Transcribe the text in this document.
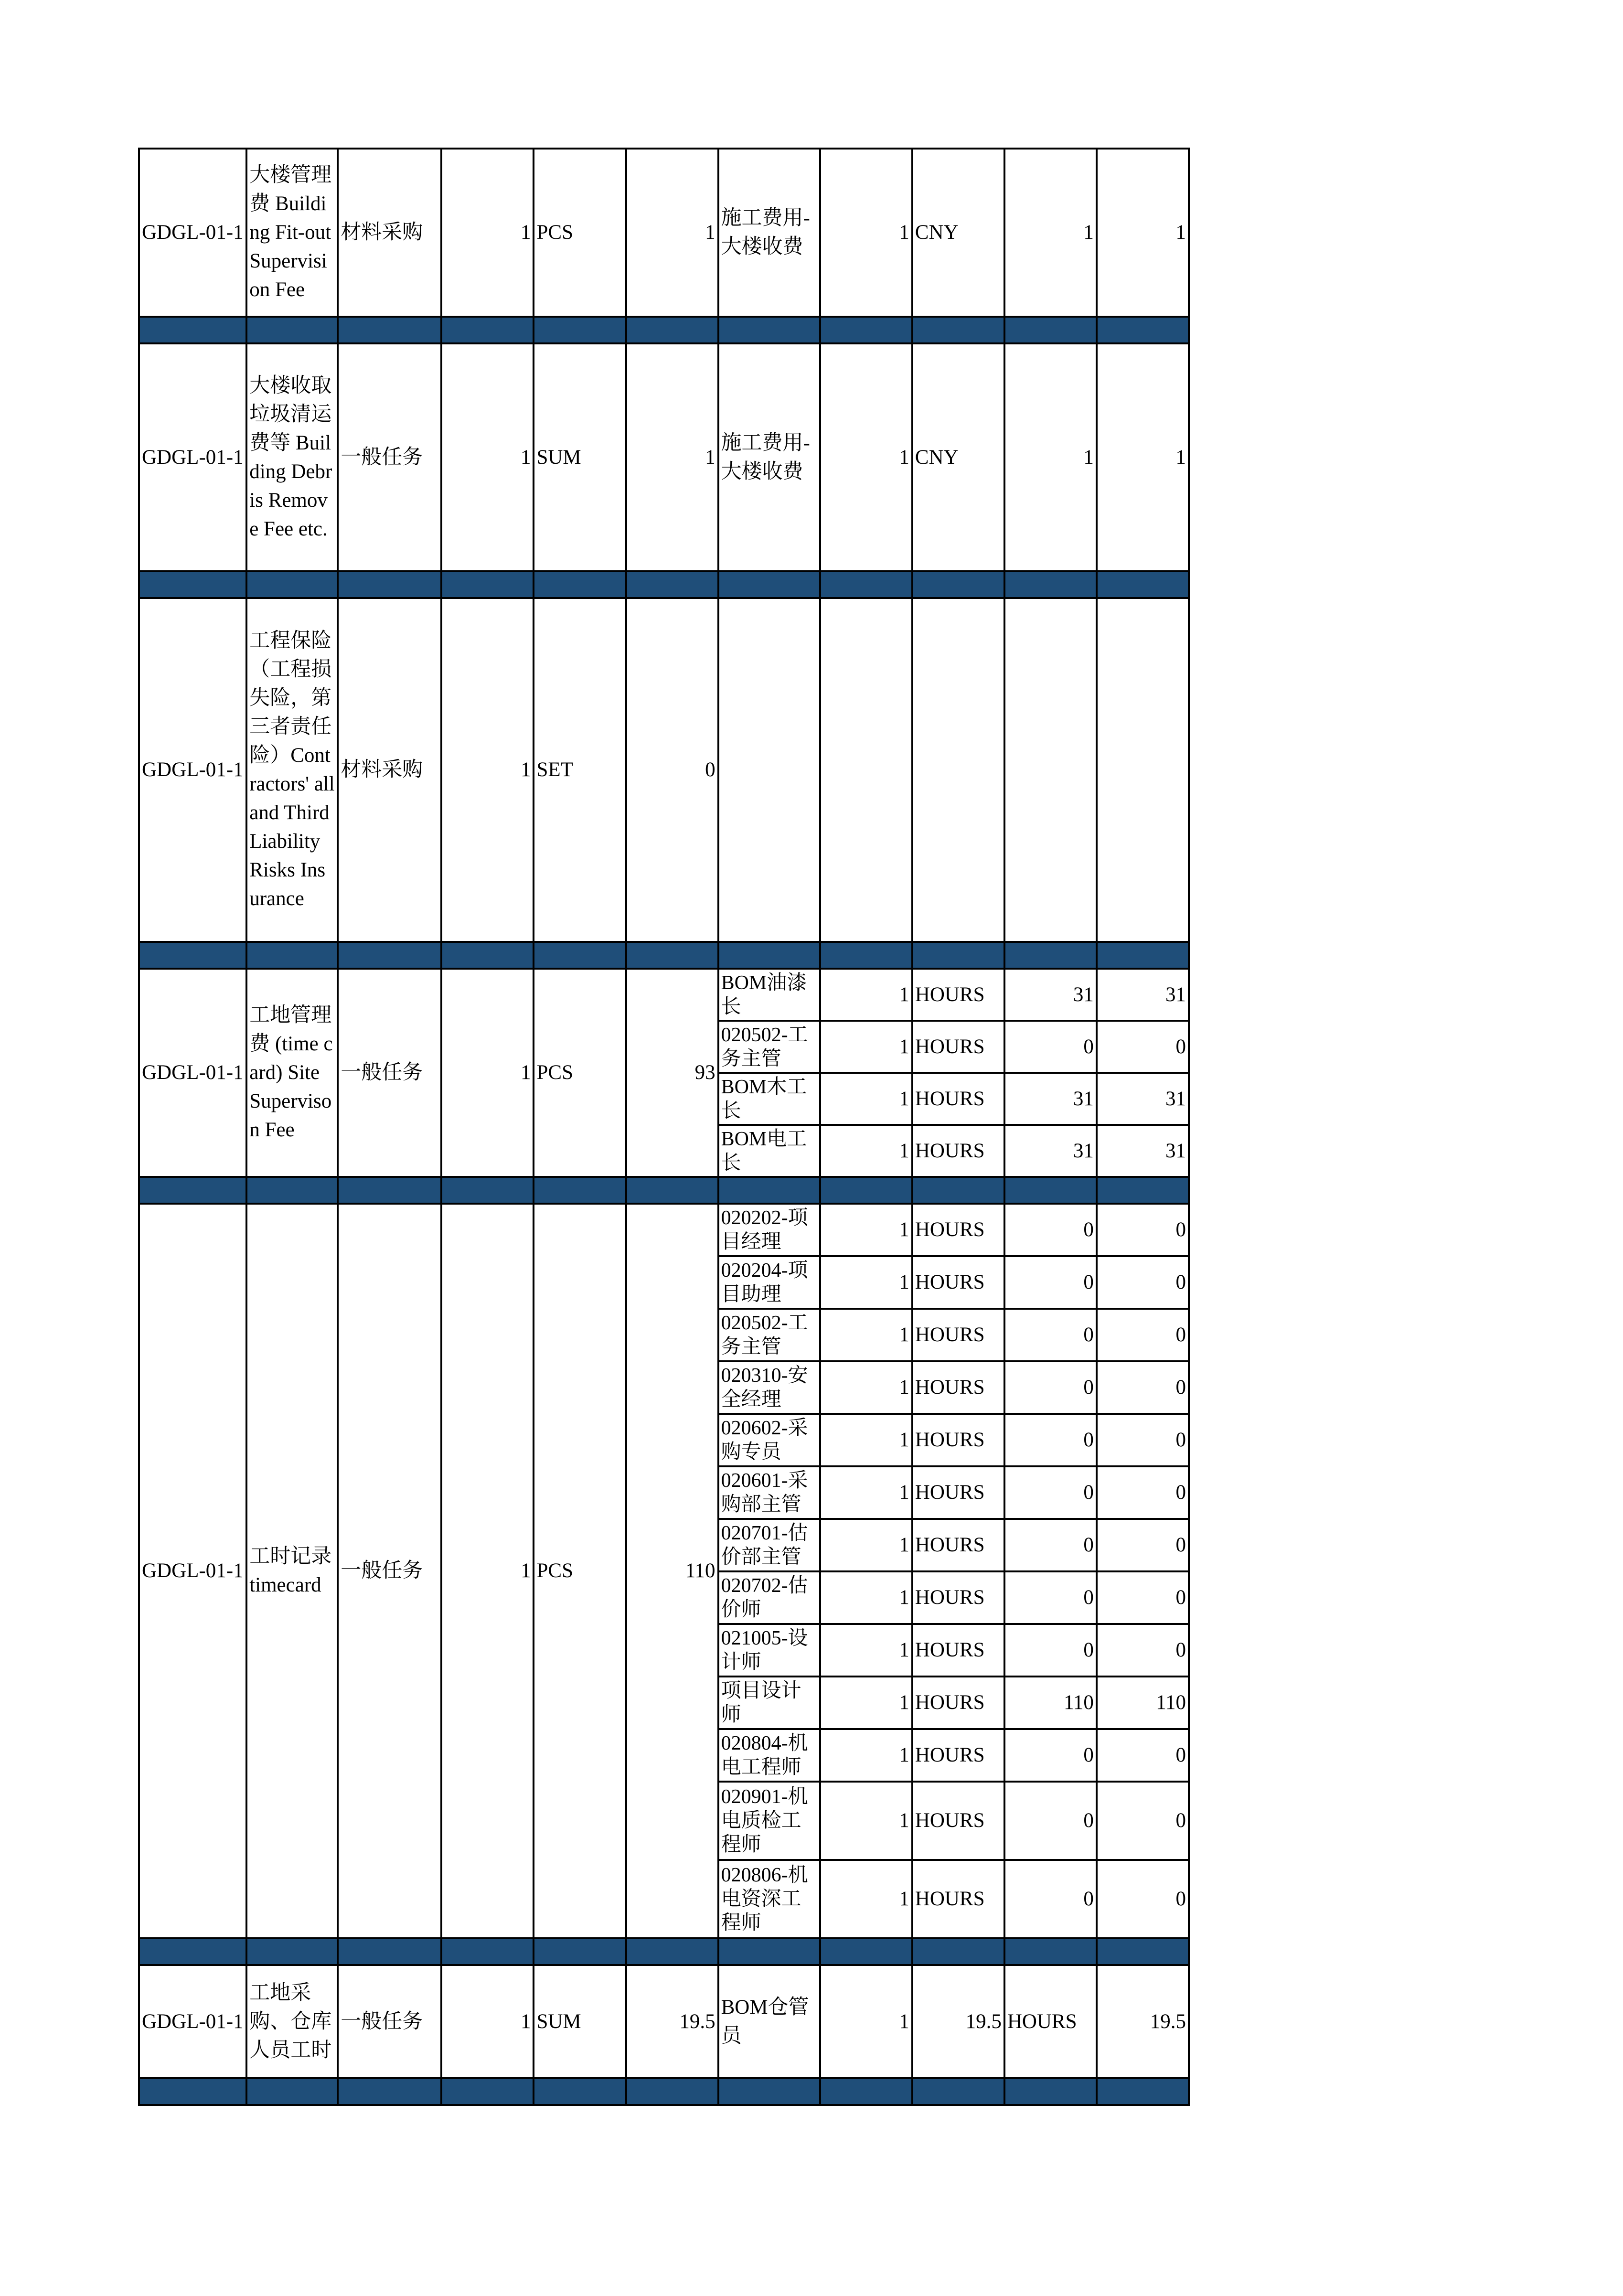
GDGL-01-1	大楼管理费 Building Fit-out Supervision Fee	材料采购	1	PCS	1	施工费用-大楼收费	1	CNY	1	1

GDGL-01-1	大楼收取垃圾清运费等 Building Debris Remove Fee etc.	一般任务	1	SUM	1	施工费用-大楼收费	1	CNY	1	1

GDGL-01-1	工程保险（工程损失险，第三者责任险）Contractors' all and Third Liability Risks Insurance	材料采购	1	SET	0					

GDGL-01-1	工地管理费 (time card) Site Superviso n Fee	一般任务	1	PCS	93	BOM油漆长	1	HOURS	31	31
						020502-工务主管	1	HOURS	0	0
						BOM木工长	1	HOURS	31	31
						BOM电工长	1	HOURS	31	31

GDGL-01-1	工时记录 timecard	一般任务	1	PCS	110	020202-项目经理	1	HOURS	0	0
						020204-项目助理	1	HOURS	0	0
						020502-工务主管	1	HOURS	0	0
						020310-安全经理	1	HOURS	0	0
						020602-采购专员	1	HOURS	0	0
						020601-采购部主管	1	HOURS	0	0
						020701-估价部主管	1	HOURS	0	0
						020702-估价师	1	HOURS	0	0
						021005-设计师	1	HOURS	0	0
						项目设计师	1	HOURS	110	110
						020804-机电工程师	1	HOURS	0	0
						020901-机电质检工程师	1	HOURS	0	0
						020806-机电资深工程师	1	HOURS	0	0

GDGL-01-1	工地采购、仓库人员工时	一般任务	1	SUM	19.5	BOM仓管员	1	19.5	HOURS	19.5
